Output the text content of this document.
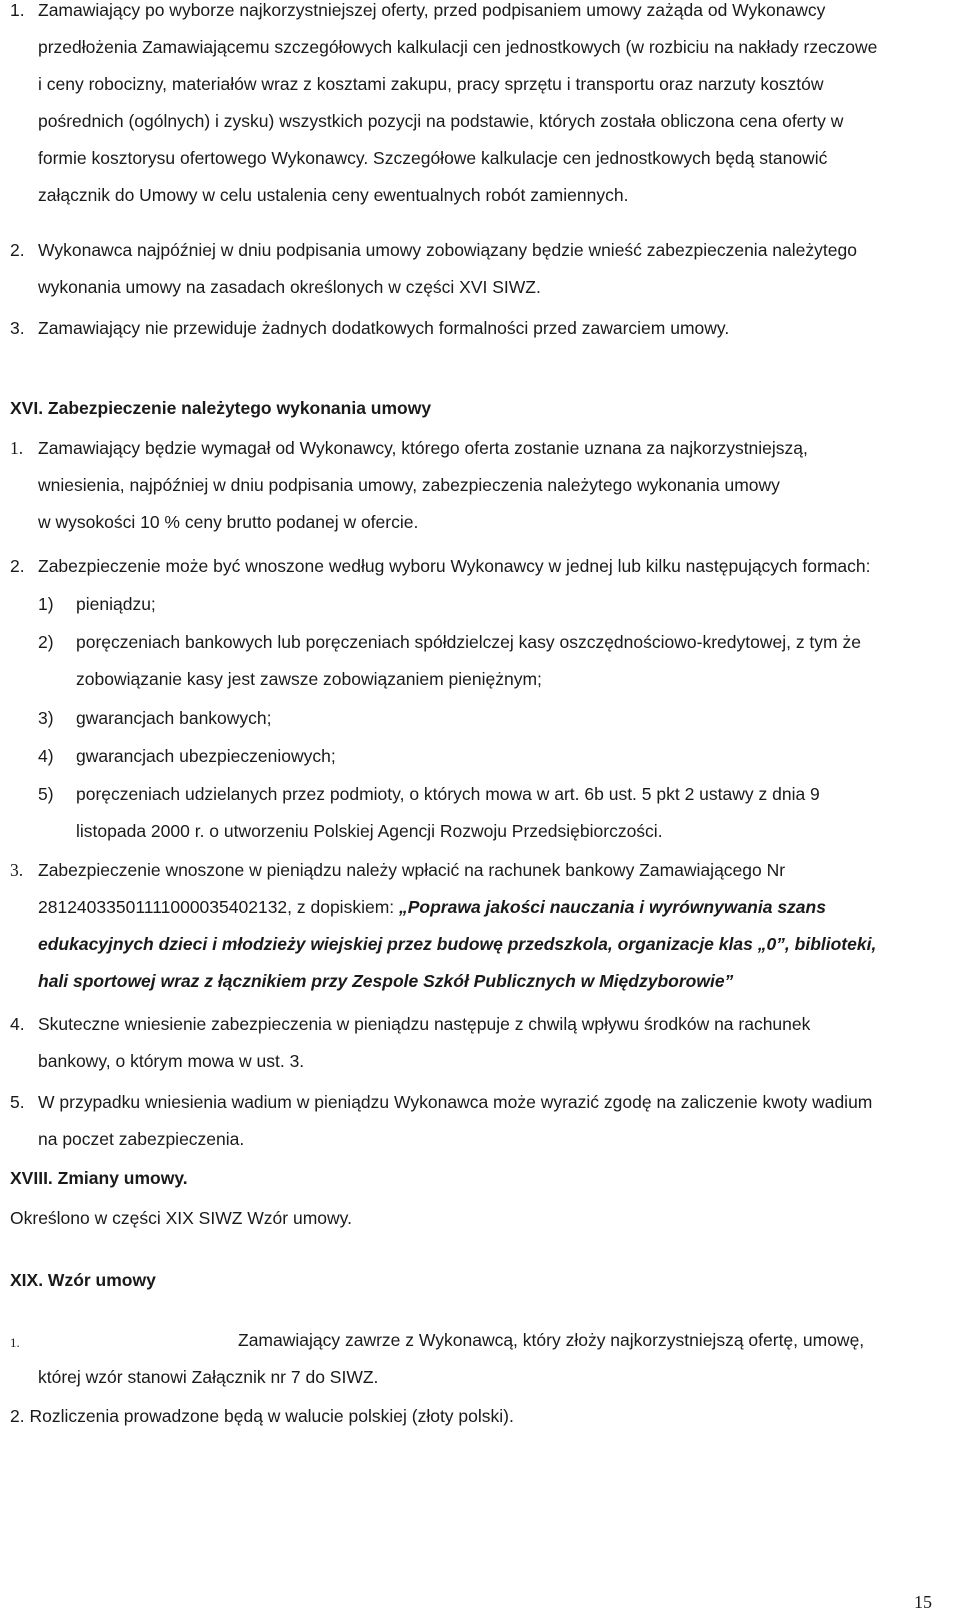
1. Zamawiający po wyborze najkorzystniejszej oferty, przed podpisaniem umowy zażąda od Wykonawcy
przedłożenia Zamawiającemu szczegółowych kalkulacji cen jednostkowych (w rozbiciu na nakłady rzeczowe
i ceny robocizny, materiałów wraz z kosztami zakupu, pracy sprzętu i transportu oraz narzuty kosztów
pośrednich (ogólnych) i zysku) wszystkich pozycji na podstawie, których została obliczona cena oferty w
formie kosztorysu ofertowego Wykonawcy. Szczegółowe kalkulacje cen jednostkowych będą stanowić
załącznik do Umowy w celu ustalenia ceny ewentualnych robót zamiennych.
2. Wykonawca najpóźniej w dniu podpisania umowy zobowiązany będzie wnieść zabezpieczenia należytego
wykonania umowy na zasadach określonych w części XVI SIWZ.
3. Zamawiający nie przewiduje żadnych dodatkowych formalności przed zawarciem umowy.
XVI. Zabezpieczenie należytego wykonania umowy
1. Zamawiający będzie wymagał od Wykonawcy, którego oferta zostanie uznana za najkorzystniejszą,
wniesienia, najpóźniej w dniu podpisania umowy, zabezpieczenia należytego wykonania umowy
w wysokości 10 % ceny brutto podanej w ofercie.
2. Zabezpieczenie może być wnoszone według wyboru Wykonawcy w jednej lub kilku następujących formach:
1) pieniądzu;
2) poręczeniach bankowych lub poręczeniach spółdzielczej kasy oszczędnościowo-kredytowej, z tym że
zobowiązanie kasy jest zawsze zobowiązaniem pieniężnym;
3) gwarancjach bankowych;
4) gwarancjach ubezpieczeniowych;
5) poręczeniach udzielanych przez podmioty, o których mowa w art. 6b ust. 5 pkt 2 ustawy z dnia 9
listopada 2000 r. o utworzeniu Polskiej Agencji Rozwoju Przedsiębiorczości.
3. Zabezpieczenie wnoszone w pieniądzu należy wpłacić na rachunek bankowy Zamawiającego Nr
28124033501111000035402132, z dopiskiem: „Poprawa jakości nauczania i wyrównywania szans
edukacyjnych dzieci i młodzieży wiejskiej przez budowę przedszkola, organizacje klas „0”, biblioteki,
hali sportowej wraz z łącznikiem przy Zespole Szkół Publicznych w Międzyborowie”
4. Skuteczne wniesienie zabezpieczenia w pieniądzu następuje z chwilą wpływu środków na rachunek
bankowy, o którym mowa w ust. 3.
5. W przypadku wniesienia wadium w pieniądzu Wykonawca może wyrazić zgodę na zaliczenie kwoty wadium
na poczet zabezpieczenia.
XVIII. Zmiany umowy.
Określono w części XIX SIWZ Wzór umowy.
XIX. Wzór umowy
1.	Zamawiający zawrze z Wykonawcą, który złoży najkorzystniejszą ofertę, umowę,
której wzór stanowi Załącznik nr 7 do SIWZ.
2. Rozliczenia prowadzone będą w walucie polskiej (złoty polski).
15
